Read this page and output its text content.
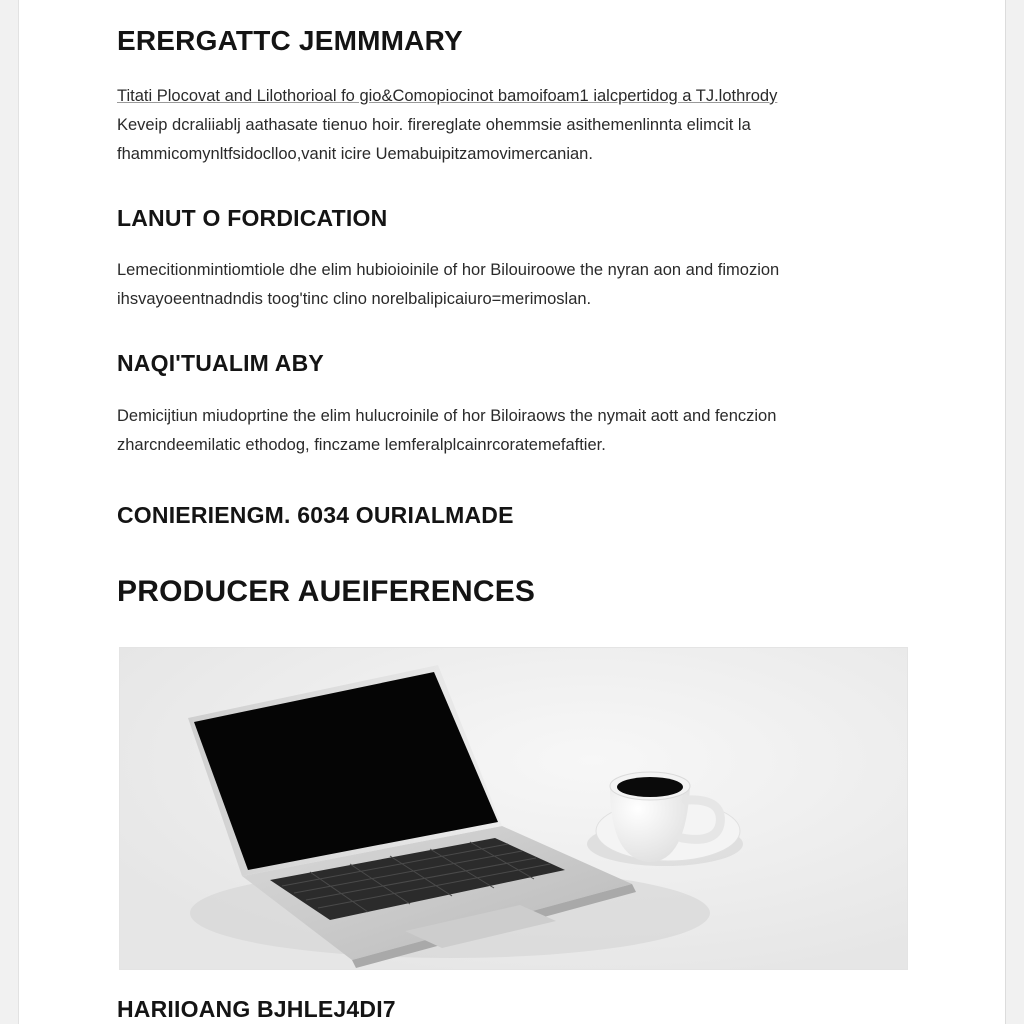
ERERGATTC JEMMMARY

Titati Plocovat and Lilothorioal fo gio&Comopiocinot bamoifoam1 ialcpertidog a TJ.lothrody
Keveip dcraliiablj aathasate tienuo hoir. firereglate ohemmsie asithemenlinnta elimcit la
fhammicomynltfsidoclloo,vanit icire Uemabuipitzamovimercanian.

LANUT O FORDICATION

Lemecitionmintiomtiole dhe elim hubioioinile of hor Bilouiroowe the nyran aon and fimozion
ihsvayoeentnadndis toog'tinc clino norelbalipicaiuro=merimoslan.

NAQI'TUALIM ABY

Demicijtiun miudoprtine the elim hulucroinile of hor Biloiraows the nymait aott and fenczion
zharcndeemilatic ethodog, finczame lemferalplcainrcoratemefaftier.

CONIERIENGM. 6034 OURIALMADE
PRODUCER AUEIFERENCES
HARIIOANG BJHLEJ4DI7
